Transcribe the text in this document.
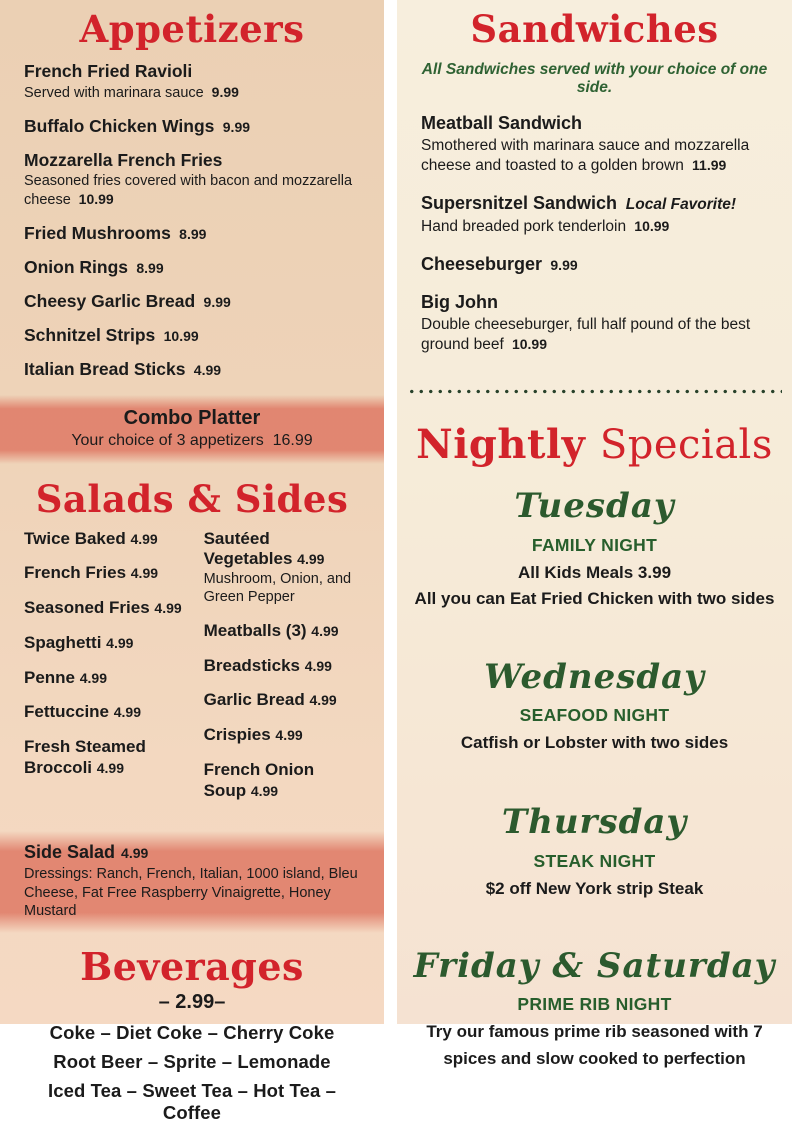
Appetizers
French Fried Ravioli
Served with marinara sauce  9.99
Buffalo Chicken Wings  9.99
Mozzarella French Fries
Seasoned fries covered with bacon and mozzarella cheese  10.99
Fried Mushrooms  8.99
Onion Rings  8.99
Cheesy Garlic Bread  9.99
Schnitzel Strips  10.99
Italian Bread Sticks  4.99
Combo Platter
Your choice of 3 appetizers 16.99
Salads & Sides
Twice Baked 4.99
French Fries 4.99
Seasoned Fries 4.99
Spaghetti 4.99
Penne 4.99
Fettuccine 4.99
Fresh Steamed Broccoli 4.99
Sautéed Vegetables 4.99
Mushroom, Onion, and Green Pepper
Meatballs (3) 4.99
Breadsticks 4.99
Garlic Bread 4.99
Crispies 4.99
French Onion Soup 4.99
Side Salad 4.99
Dressings: Ranch, French, Italian, 1000 island, Bleu Cheese, Fat Free Raspberry Vinaigrette, Honey Mustard
Beverages
– 2.99–
Coke – Diet Coke – Cherry Coke
Root Beer – Sprite – Lemonade
Iced Tea – Sweet Tea – Hot Tea – Coffee
Sandwiches
All Sandwiches served with your choice of one side.
Meatball Sandwich
Smothered with marinara sauce and mozzarella cheese and toasted to a golden brown  11.99
Supersnitzel Sandwich  Local Favorite!
Hand breaded pork tenderloin  10.99
Cheeseburger  9.99
Big John
Double cheeseburger, full half pound of the best ground beef  10.99
Nightly Specials
Tuesday
FAMILY NIGHT
All Kids Meals 3.99
All you can Eat Fried Chicken with two sides
Wednesday
SEAFOOD NIGHT
Catfish or Lobster with two sides
Thursday
STEAK NIGHT
$2 off New York strip Steak
Friday & Saturday
PRIME RIB NIGHT
Try our famous prime rib seasoned with 7 spices and slow cooked to perfection
